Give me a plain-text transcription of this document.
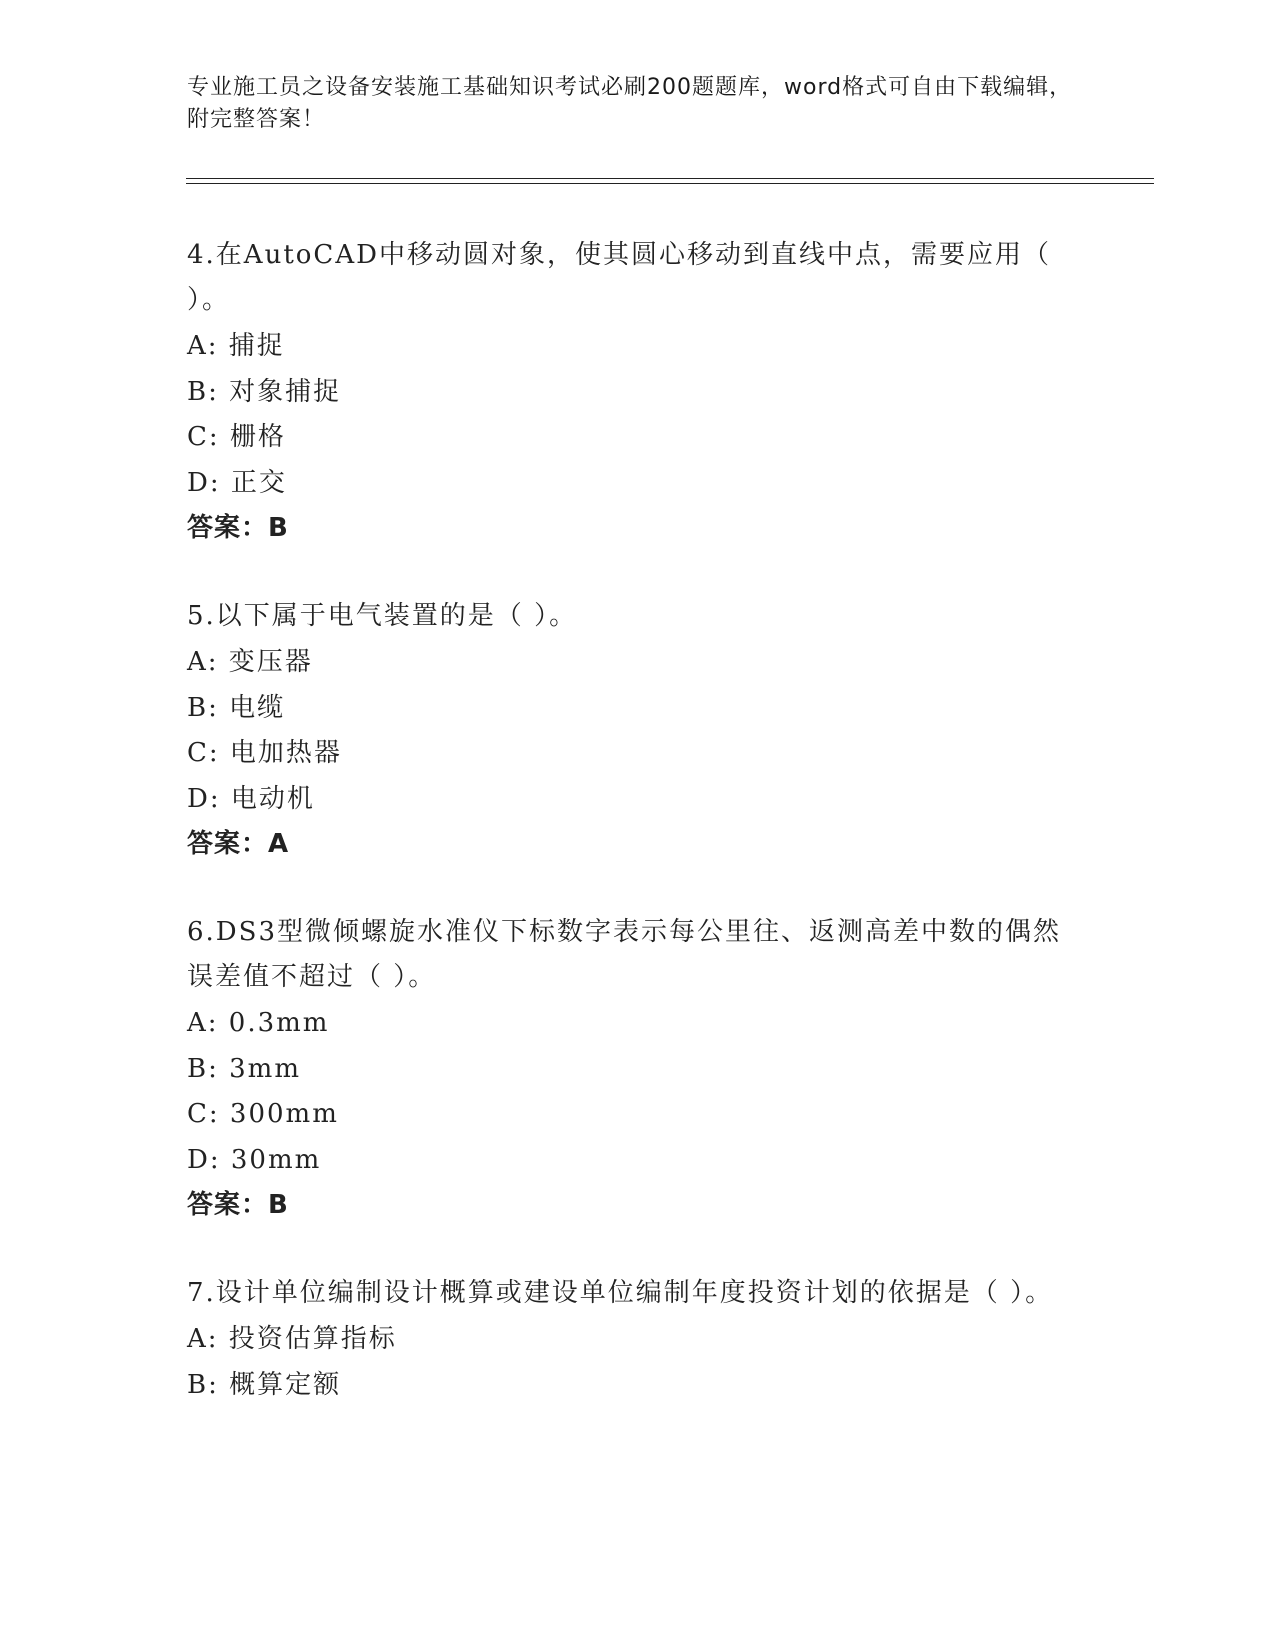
专业施工员之设备安装施工基础知识考试必刷200题题库，word格式可自由下载编辑，附完整答案！
4.在AutoCAD中移动圆对象，使其圆心移动到直线中点，需要应用（ ）。
A: 捕捉
B: 对象捕捉
C: 栅格
D: 正交
答案：B
5.以下属于电气装置的是（ ）。
A: 变压器
B: 电缆
C: 电加热器
D: 电动机
答案：A
6.DS3型微倾螺旋水准仪下标数字表示每公里往、返测高差中数的偶然误差值不超过（ ）。
A: 0.3mm
B: 3mm
C: 300mm
D: 30mm
答案：B
7.设计单位编制设计概算或建设单位编制年度投资计划的依据是（ ）。
A: 投资估算指标
B: 概算定额
